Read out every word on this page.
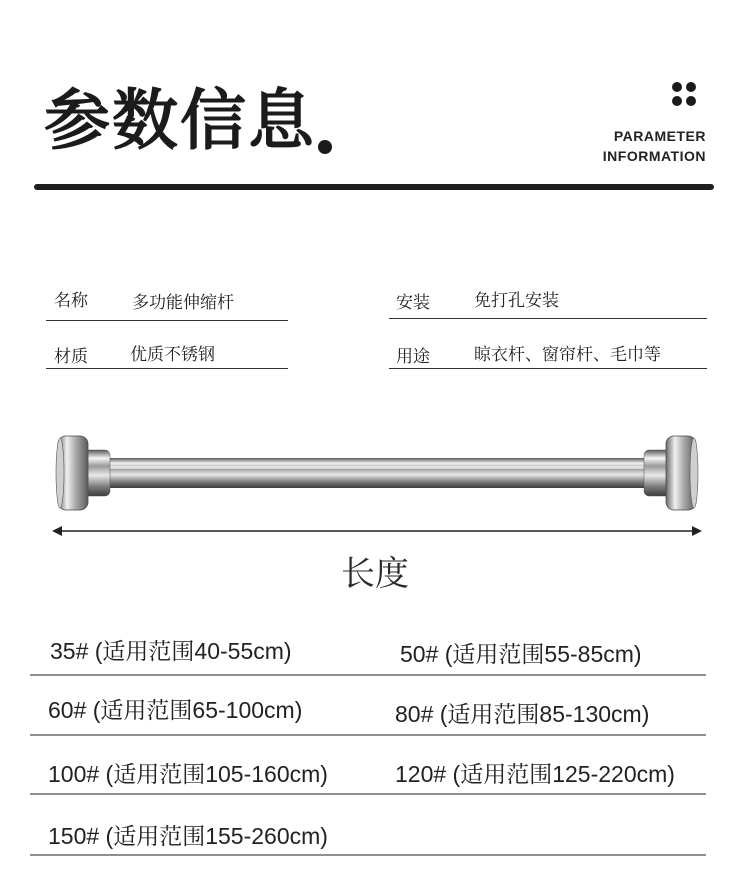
参数信息	PARAMETER
INFORMATION
名称	多功能伸缩杆	安装	免打孔安装
材质 优质不锈钢	用途	晾衣杆、窗帘杆、毛巾等
长度
35# (适用范围40-55cm)	50# (适用范围55-85cm)
60# (适用范围65-100cm)	80# (适用范围85-130cm)
100# (适用范围105-160cm)	120# (适用范围125-220cm)
150# (适用范围155-260cm)
